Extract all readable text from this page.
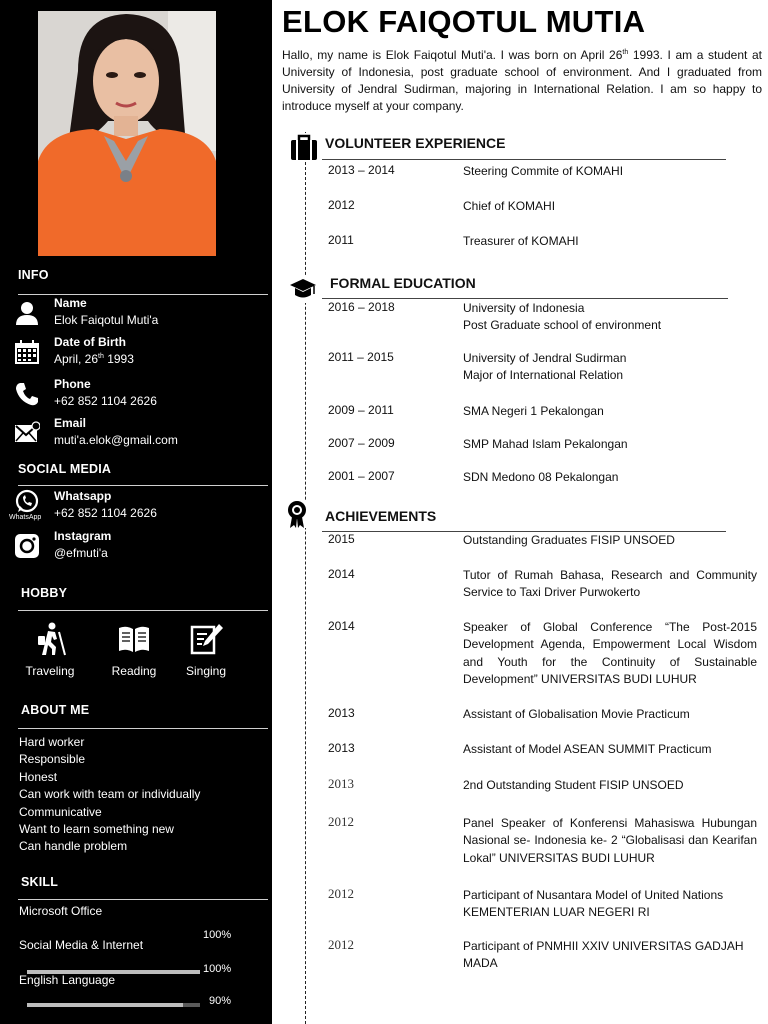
INFO
Name
Elok Faiqotul Muti'a
Date of Birth
April, 26th 1993
Phone
+62 852 1104 2626
Email
muti'a.elok@gmail.com
SOCIAL MEDIA
WhatsApp
Whatsapp
+62 852 1104 2626
Instagram
@efmuti'a
HOBBY
Traveling	Reading	Singing
ABOUT ME
Hard worker
Responsible
Honest
Can work with team or individually
Communicative
Want to learn something new
Can handle problem
SKILL
Microsoft Office
100%
Social Media & Internet
100%
English Language
90%
ELOK FAIQOTUL MUTIA
Hallo, my name is Elok Faiqotul Muti'a. I was born on April 26th 1993. I am a student at University of Indonesia, post graduate school of environment. And I graduated from University of Jendral Sudirman, majoring in International Relation. I am so happy to introduce myself at your company.
VOLUNTEER EXPERIENCE
2013 – 2014	Steering Commite of KOMAHI
2012	Chief of KOMAHI
2011	Treasurer of KOMAHI
FORMAL EDUCATION
2016 – 2018	University of Indonesia
Post Graduate school of environment
2011 – 2015	University of Jendral Sudirman
Major of International Relation
2009 – 2011	SMA Negeri 1 Pekalongan
2007 – 2009	SMP Mahad Islam Pekalongan
2001 – 2007	SDN Medono 08 Pekalongan
ACHIEVEMENTS
2015	Outstanding Graduates FISIP UNSOED
2014	Tutor of Rumah Bahasa, Research and Community Service to Taxi Driver Purwokerto
2014	Speaker of Global Conference “The Post-2015 Development Agenda, Empowerment Local Wisdom and Youth for the Continuity of Sustainable Development” UNIVERSITAS BUDI LUHUR
2013	Assistant of Globalisation Movie Practicum
2013	Assistant of Model ASEAN SUMMIT Practicum
2013	2nd Outstanding Student FISIP UNSOED
2012	Panel Speaker of Konferensi Mahasiswa Hubungan Nasional se- Indonesia ke- 2 “Globalisasi dan Kearifan Lokal” UNIVERSITAS BUDI LUHUR
2012	Participant of Nusantara Model of United Nations KEMENTERIAN LUAR NEGERI RI
2012	Participant of PNMHII XXIV UNIVERSITAS GADJAH MADA
